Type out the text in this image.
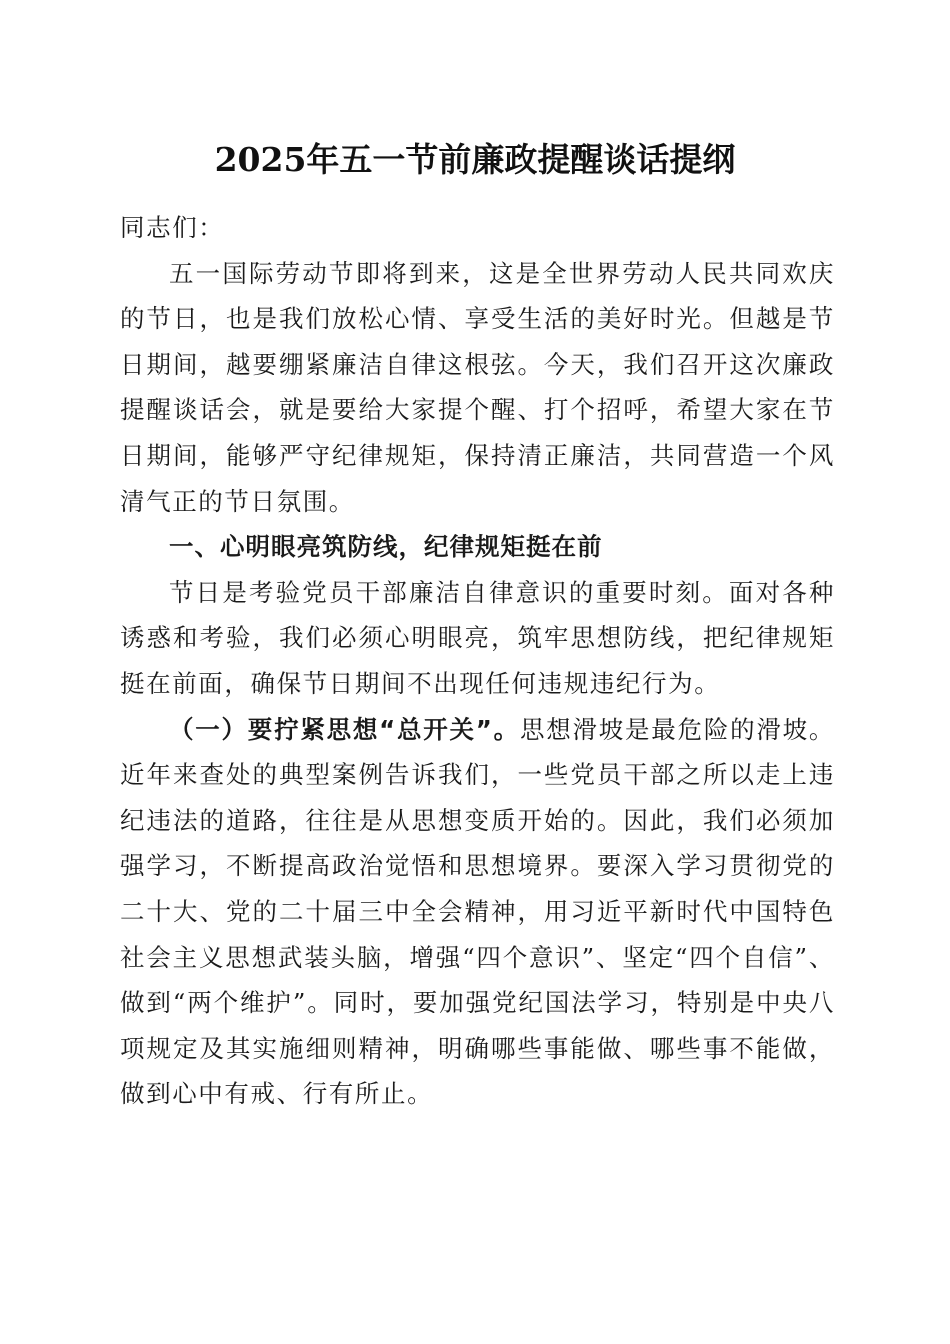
2025年五一节前廉政提醒谈话提纲

同志们：

五一国际劳动节即将到来，这是全世界劳动人民共同欢庆的节日，也是我们放松心情、享受生活的美好时光。但越是节日期间，越要绷紧廉洁自律这根弦。今天，我们召开这次廉政提醒谈话会，就是要给大家提个醒、打个招呼，希望大家在节日期间，能够严守纪律规矩，保持清正廉洁，共同营造一个风清气正的节日氛围。

一、心明眼亮筑防线，纪律规矩挺在前

节日是考验党员干部廉洁自律意识的重要时刻。面对各种诱惑和考验，我们必须心明眼亮，筑牢思想防线，把纪律规矩挺在前面，确保节日期间不出现任何违规违纪行为。

（一）要拧紧思想“总开关”。思想滑坡是最危险的滑坡。近年来查处的典型案例告诉我们，一些党员干部之所以走上违纪违法的道路，往往是从思想变质开始的。因此，我们必须加强学习，不断提高政治觉悟和思想境界。要深入学习贯彻党的二十大、党的二十届三中全会精神，用习近平新时代中国特色社会主义思想武装头脑，增强“四个意识”、坚定“四个自信”、做到“两个维护”。同时，要加强党纪国法学习，特别是中央八项规定及其实施细则精神，明确哪些事能做、哪些事不能做，做到心中有戒、行有所止。
